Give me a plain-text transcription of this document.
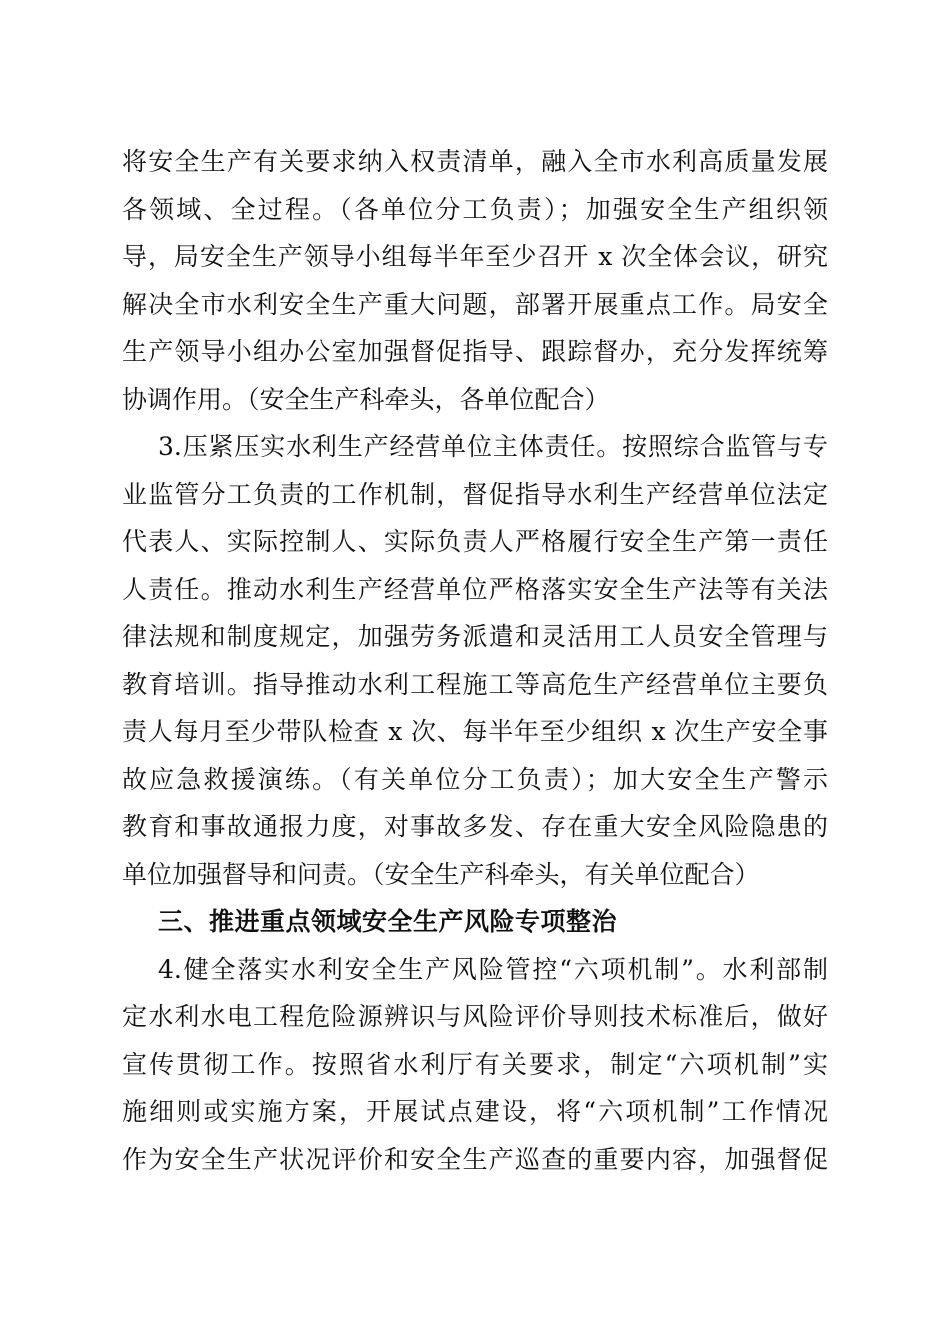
将安全生产有关要求纳入权责清单，融入全市水利高质量发展
各领域、全过程。（各单位分工负责）；加强安全生产组织领
导，局安全生产领导小组每半年至少召开 x 次全体会议，研究
解决全市水利安全生产重大问题，部署开展重点工作。局安全
生产领导小组办公室加强督促指导、跟踪督办，充分发挥统筹
协调作用。（安全生产科牵头，各单位配合）
3.压紧压实水利生产经营单位主体责任。按照综合监管与专
业监管分工负责的工作机制，督促指导水利生产经营单位法定
代表人、实际控制人、实际负责人严格履行安全生产第一责任
人责任。推动水利生产经营单位严格落实安全生产法等有关法
律法规和制度规定，加强劳务派遣和灵活用工人员安全管理与
教育培训。指导推动水利工程施工等高危生产经营单位主要负
责人每月至少带队检查 x 次、每半年至少组织 x 次生产安全事
故应急救援演练。（有关单位分工负责）；加大安全生产警示
教育和事故通报力度，对事故多发、存在重大安全风险隐患的
单位加强督导和问责。（安全生产科牵头，有关单位配合）
三、推进重点领域安全生产风险专项整治
4.健全落实水利安全生产风险管控“六项机制”。水利部制
定水利水电工程危险源辨识与风险评价导则技术标准后，做好
宣传贯彻工作。按照省水利厅有关要求，制定“六项机制”实
施细则或实施方案，开展试点建设，将“六项机制”工作情况
作为安全生产状况评价和安全生产巡查的重要内容，加强督促
